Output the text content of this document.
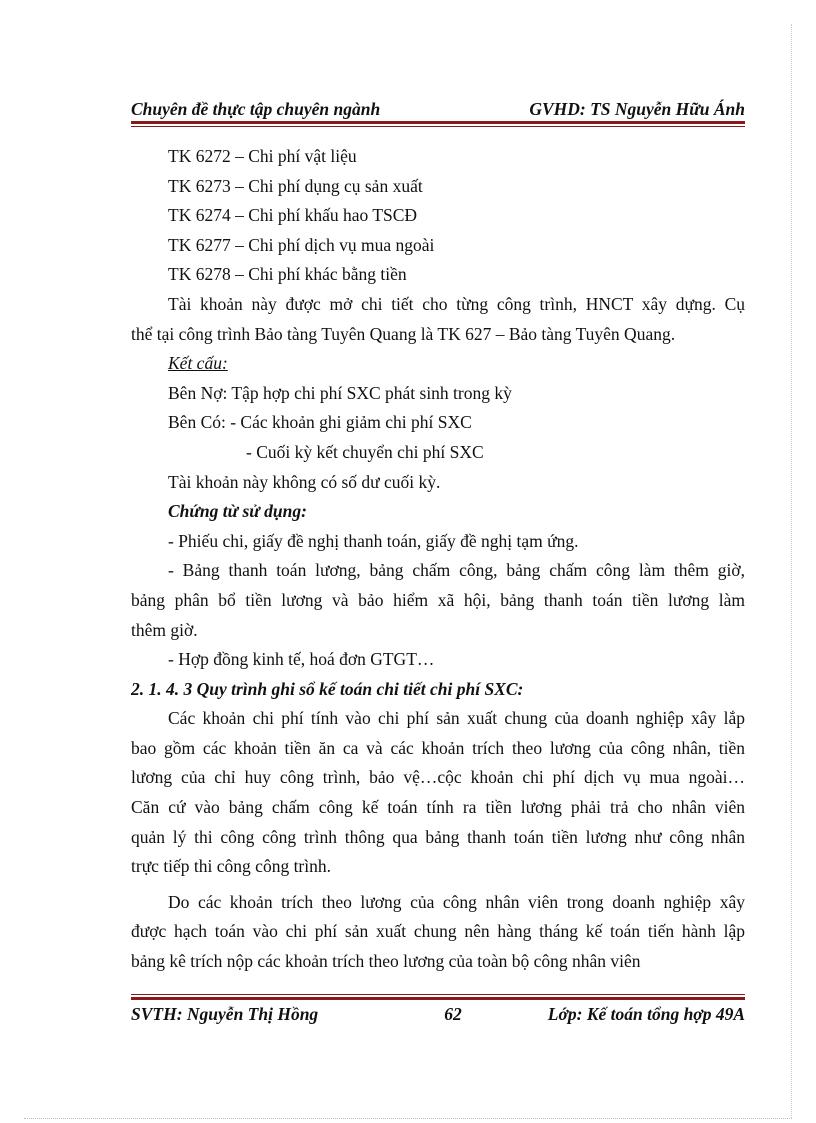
Chuyên đề thực tập chuyên ngành	GVHD: TS Nguyễn Hữu Ánh
TK 6272 – Chi phí vật liệu
TK 6273 – Chi phí dụng cụ sản xuất
TK 6274 – Chi phí khấu hao TSCĐ
TK 6277 – Chi phí dịch vụ mua ngoài
TK 6278 – Chi phí khác bằng tiền
Tài khoản này được mở chi tiết cho từng công trình, HNCT xây dựng. Cụ
thể tại công trình Bảo tàng Tuyên Quang là TK 627 – Bảo tàng Tuyên Quang.
Kết cấu:
Bên Nợ: Tập hợp chi phí SXC phát sinh trong kỳ
Bên Có: - Các khoản ghi giảm chi phí SXC
- Cuối kỳ kết chuyển chi phí SXC
Tài khoản này không có số dư cuối kỳ.
Chứng từ sử dụng:
- Phiếu chi, giấy đề nghị thanh toán, giấy đề nghị tạm ứng.
- Bảng thanh toán lương, bảng chấm công, bảng chấm công làm thêm giờ,
bảng phân bổ tiền lương và bảo hiểm xã hội, bảng thanh toán tiền lương làm
thêm giờ.
- Hợp đồng kinh tế, hoá đơn GTGT…
2. 1. 4. 3 Quy trình ghi sổ kế toán chi tiết chi phí SXC:
Các khoản chi phí tính vào chi phí sản xuất chung của doanh nghiệp xây lắp
bao gồm các khoản tiền ăn ca và các khoản trích theo lương của công nhân, tiền
lương của chỉ huy công trình, bảo vệ…cộc khoản chi phí dịch vụ mua ngoài…
Căn cứ vào bảng chấm công kế toán tính ra tiền lương phải trả cho nhân viên
quản lý thi công công trình thông qua bảng thanh toán tiền lương như công nhân
trực tiếp thi công công trình.
Do các khoản trích theo lương của công nhân viên trong doanh nghiệp xây
được hạch toán vào chi phí sản xuất chung nên hàng tháng kế toán tiến hành lập
bảng kê trích nộp các khoản trích theo lương của toàn bộ công nhân viên
SVTH: Nguyễn Thị Hồng	62	Lớp: Kế toán tổng hợp 49A
